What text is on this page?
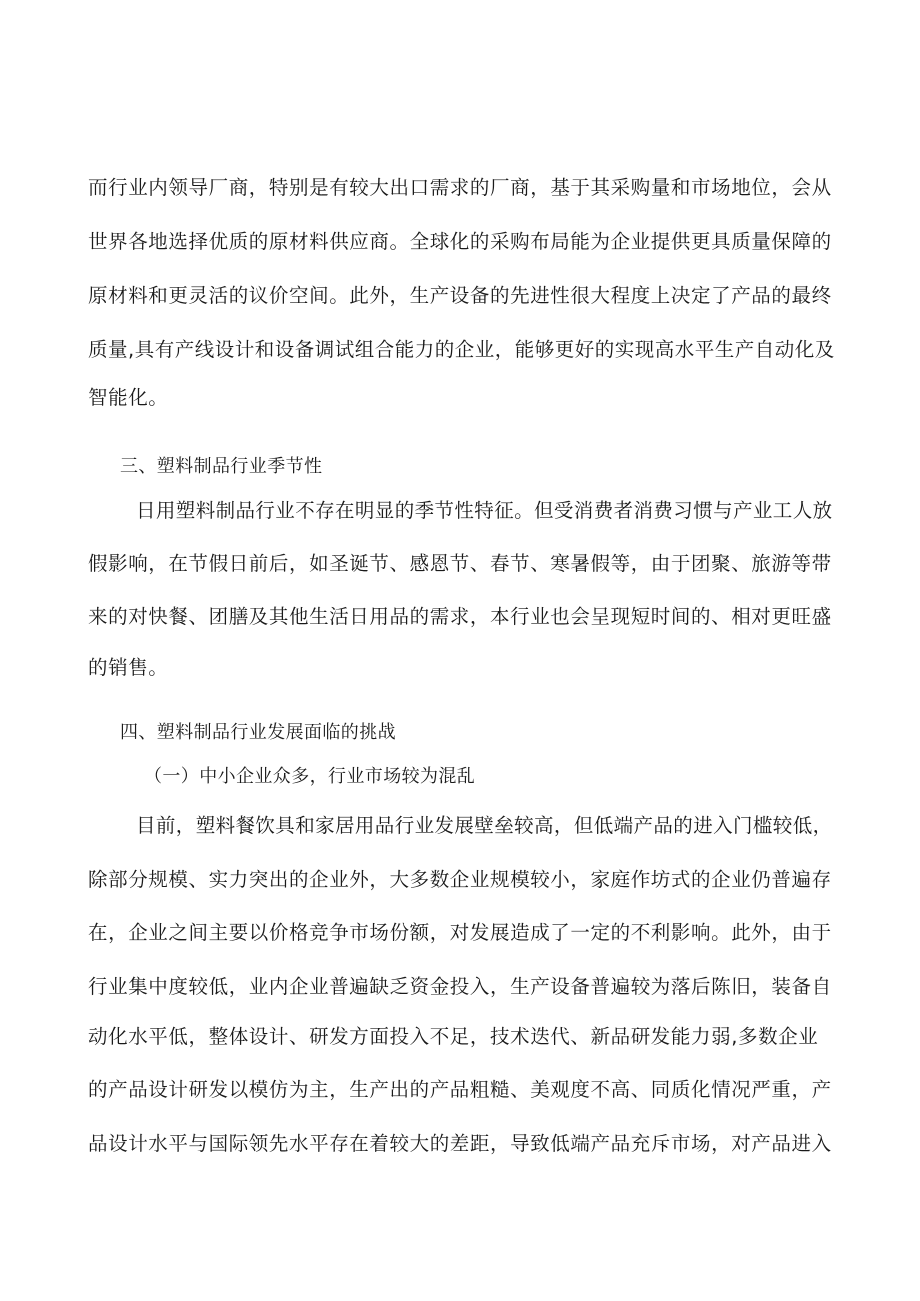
而行业内领导厂商，特别是有较大出口需求的厂商，基于其采购量和市场地位，会从
世界各地选择优质的原材料供应商。全球化的采购布局能为企业提供更具质量保障的
原材料和更灵活的议价空间。此外，生产设备的先进性很大程度上决定了产品的最终
质量,具有产线设计和设备调试组合能力的企业，能够更好的实现高水平生产自动化及
智能化。
三、塑料制品行业季节性
日用塑料制品行业不存在明显的季节性特征。但受消费者消费习惯与产业工人放
假影响，在节假日前后，如圣诞节、感恩节、春节、寒暑假等，由于团聚、旅游等带
来的对快餐、团膳及其他生活日用品的需求，本行业也会呈现短时间的、相对更旺盛
的销售。
四、塑料制品行业发展面临的挑战
（一）中小企业众多，行业市场较为混乱
目前，塑料餐饮具和家居用品行业发展壁垒较高，但低端产品的进入门槛较低，
除部分规模、实力突出的企业外，大多数企业规模较小，家庭作坊式的企业仍普遍存
在，企业之间主要以价格竞争市场份额，对发展造成了一定的不利影响。此外，由于
行业集中度较低，业内企业普遍缺乏资金投入，生产设备普遍较为落后陈旧，装备自
动化水平低，整体设计、研发方面投入不足，技术迭代、新品研发能力弱,多数企业
的产品设计研发以模仿为主，生产出的产品粗糙、美观度不高、同质化情况严重，产
品设计水平与国际领先水平存在着较大的差距，导致低端产品充斥市场，对产品进入
